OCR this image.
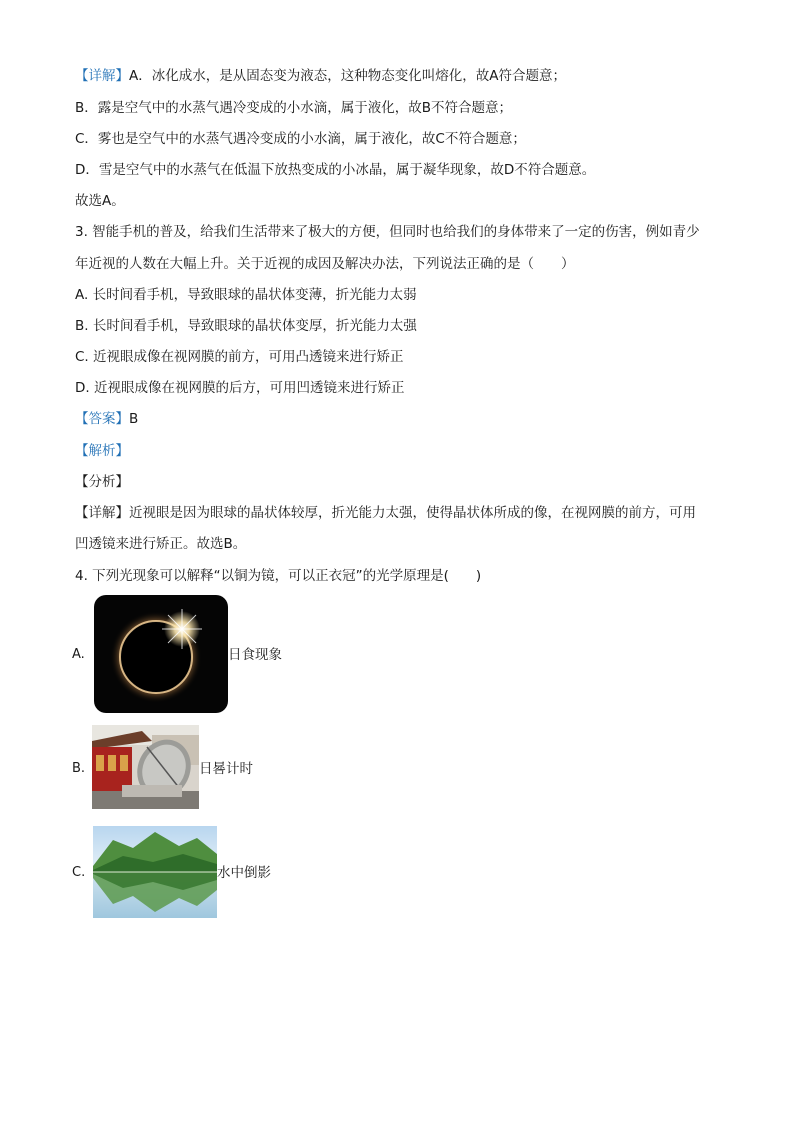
【详解】A．冰化成水，是从固态变为液态，这种物态变化叫熔化，故A符合题意；
B．露是空气中的水蒸气遇冷变成的小水滴，属于液化，故B不符合题意；
C．雾也是空气中的水蒸气遇冷变成的小水滴，属于液化，故C不符合题意；
D．雪是空气中的水蒸气在低温下放热变成的小冰晶，属于凝华现象，故D不符合题意。
故选A。
3. 智能手机的普及，给我们生活带来了极大的方便，但同时也给我们的身体带来了一定的伤害，例如青少
年近视的人数在大幅上升。关于近视的成因及解决办法，下列说法正确的是（　　）
A. 长时间看手机，导致眼球的晶状体变薄，折光能力太弱
B. 长时间看手机，导致眼球的晶状体变厚，折光能力太强
C. 近视眼成像在视网膜的前方，可用凸透镜来进行矫正
D. 近视眼成像在视网膜的后方，可用凹透镜来进行矫正
【答案】B
【解析】
【分析】
【详解】近视眼是因为眼球的晶状体较厚，折光能力太强，使得晶状体所成的像，在视网膜的前方，可用
凹透镜来进行矫正。故选B。
4. 下列光现象可以解释“以铜为镜，可以正衣冠”的光学原理是(　　)
A.	日食现象
B.	日晷计时
C.	水中倒影
